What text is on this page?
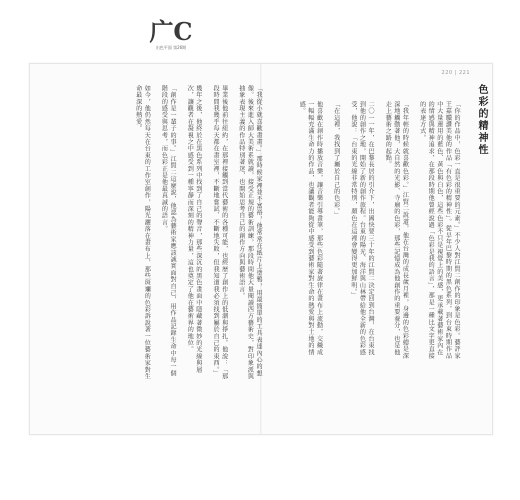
220 | 221
广C
出色平面 第26期
色彩的精神性
「你的作品中，色彩一直是很重要的元素。」不少人對江賢二創作的印象是色彩。藝評家王嘉驥讚美他的作品「有色彩的精神性」。從早年巴黎時期的黑色系列，到台東時期作品中大量運用的藍色、黃色與白色，這些色彩不只是視覺上的美感，更承載著藝術家內在的情感與精神追求，在那段時期他曾經說過「色彩是我的語言」，那是一種比文字更直接的表達方式。
「我年輕的時候就喜歡色彩。」江賢二說道，他在台灣的成長歲月裡，身邊的色彩總是深深地觸動著他，大自然的光影、寺廟的色彩，那些記憶成為他創作的重要養分，也是他走上藝術之路的起點。
二〇一一年，在巴黎長居的引介下，出國快要三十年的江賢二決定回到台灣，在台東找到他的創作之地，開始了新的創作旅程。台東的陽光、海洋與山林帶給他全新的色彩感受，他說：「台東的光線非常特別，顏色在這裡會變得更加鮮明。」
「在這裡，我找到了屬於自己的色彩。」
他喜歡在創作時播放音樂，讓音樂引導畫筆，那些色彩隨著旋律在畫布上流動，交織成一幅幅充滿生命力的作品，也讓觀者能夠從中感受到藝術家對生命的熱愛與對土地的情感。
「我從小就喜歡畫畫。」那時候家裡並不富裕，他常常在紙片上塗鴉，用最簡單的工具表達內心的想像。後來進入師大美術系就讀，接受正規的藝術訓練，那段時間他大量閱讀西方藝術史，對印象派與抽象表現主義的作品特別著迷，也開始思考自己的創作方向與藝術語言。
畢業後他前往紐約，在那裡接觸到當代藝術的各種可能，也經歷了創作上的低潮與掙扎。他說：「那段時間我幾乎每天都在畫室裡，不斷地嘗試、不斷地失敗，但我知道我必須找到屬於自己的東西。」
幾年之後，他終於在黑色系列中找到了自己的聲音，那些深沉的黑色畫面中隱藏著微妙的光線與層次，讓觀者在凝視之中感受到一種寧靜而深刻的精神力量，這也奠定了他在藝術界的地位。
「創作是一輩子的事。」江賢二這麼說，他認為藝術家應該誠實面對自己，用作品記錄生命中每一個階段的感受與思考，而色彩正是他最真誠的語言。
如今，他仍然每天在台東的工作室創作，陽光灑落在畫布上，那些斑斕的色彩訴說著一位藝術家對生命最深的熱愛。
